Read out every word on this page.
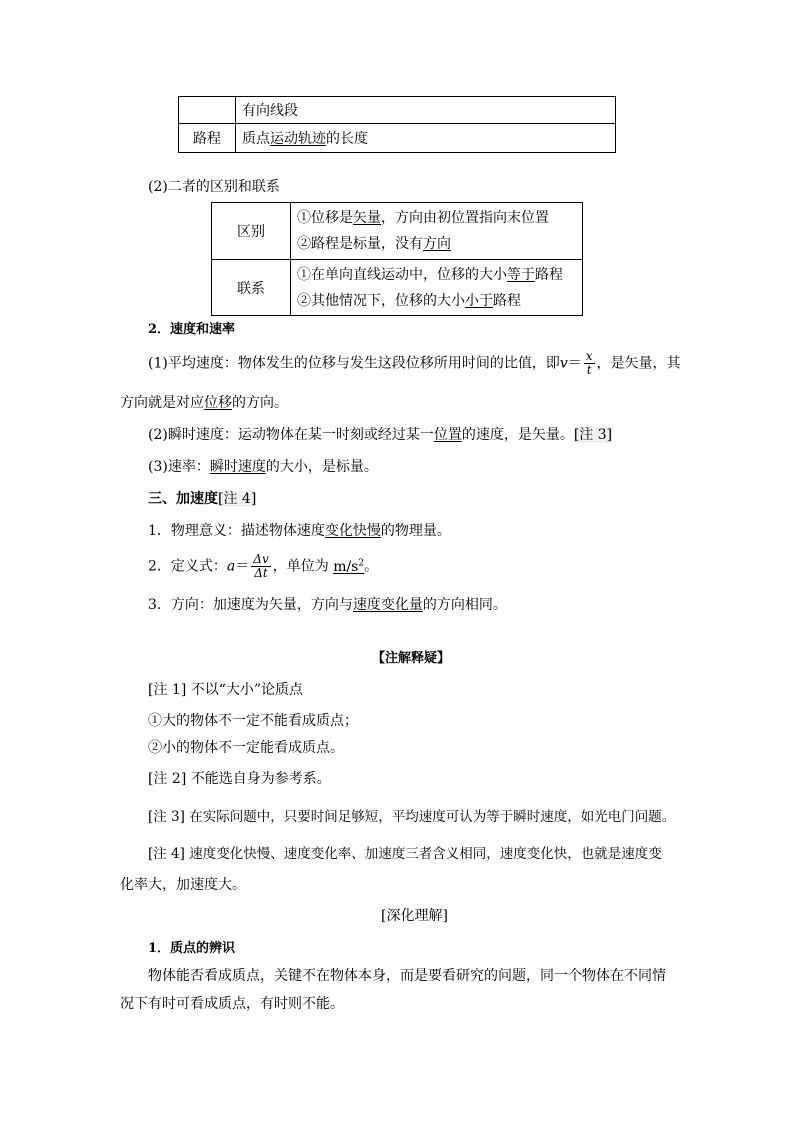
	有向线段
路程	质点运动轨迹的长度
(2)二者的区别和联系
区别	①位移是矢量，方向由初位置指向末位置
②路程是标量，没有方向

联系	①在单向直线运动中，位移的大小等于路程
②其他情况下，位移的大小小于路程
2．速度和速率
(1)平均速度：物体发生的位移与发生这段位移所用时间的比值，即$v= \frac{x}{t}$ ，是矢量，其
方向就是对应位移的方向。
(2)瞬时速度：运动物体在某一时刻或经过某一位置的速度，是矢量。[注 3]
(3)速率：瞬时速度的大小，是标量。
三、加速度[注 4]
1．物理意义：描述物体速度变化快慢的物理量。
2．定义式：$a= \frac{\Delta v}{\Delta t}$ ，单位为 $m/s^2$。
3．方向：加速度为矢量，方向与速度变化量的方向相同。
【注解释疑】
[注 1] 不以“大小”论质点
①大的物体不一定不能看成质点；
②小的物体不一定能看成质点。
[注 2] 不能选自身为参考系。
[注 3] 在实际问题中，只要时间足够短，平均速度可认为等于瞬时速度，如光电门问题。
[注 4] 速度变化快慢、速度变化率、加速度三者含义相同，速度变化快，也就是速度变
化率大，加速度大。
[深化理解]
1．质点的辨识
物体能否看成质点，关键不在物体本身，而是要看研究的问题，同一个物体在不同情
况下有时可看成质点，有时则不能。
